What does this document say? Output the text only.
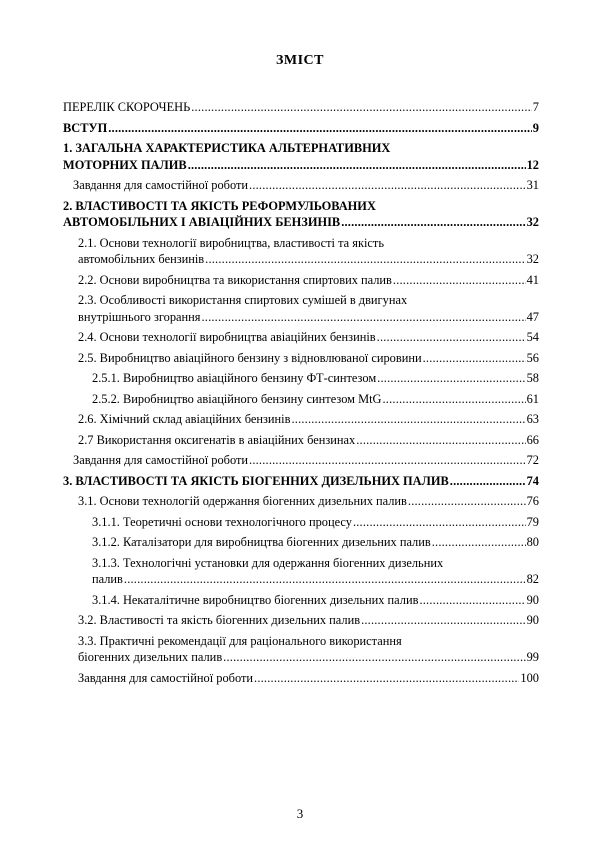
ЗМІСТ
ПЕРЕЛІК СКОРОЧЕНЬ .....	7
ВСТУП .....	9
1. ЗАГАЛЬНА ХАРАКТЕРИСТИКА АЛЬТЕРНАТИВНИХ
МОТОРНИХ ПАЛИВ .....	12
Завдання для самостійної роботи .....	31
2. ВЛАСТИВОСТІ ТА ЯКІСТЬ РЕФОРМУЛЬОВАНИХ
АВТОМОБІЛЬНИХ І АВІАЦІЙНИХ БЕНЗИНІВ .....	32
2.1. Основи технології виробництва, властивості та якість
автомобільних бензинів .....	32
2.2. Основи виробництва та використання спиртових палив .....	41
2.3. Особливості використання спиртових сумішей в двигунах
внутрішнього згорання .....	47
2.4. Основи технології виробництва авіаційних бензинів .....	54
2.5. Виробництво авіаційного бензину з відновлюваної сировини .....	56
2.5.1. Виробництво авіаційного бензину ФТ-синтезом .....	58
2.5.2. Виробництво авіаційного бензину синтезом MtG .....	61
2.6. Хімічний склад авіаційних бензинів .....	63
2.7 Використання оксигенатів в авіаційних бензинах .....	66
Завдання для самостійної роботи .....	72
3. ВЛАСТИВОСТІ ТА ЯКІСТЬ БІОГЕННИХ ДИЗЕЛЬНИХ ПАЛИВ .....	74
3.1. Основи технологій одержання біогенних дизельних палив .....	76
3.1.1. Теоретичні основи технологічного процесу .....	79
3.1.2. Каталізатори для виробництва біогенних дизельних палив .....	80
3.1.3. Технологічні установки для одержання біогенних дизельних
палив .....	82
3.1.4. Некаталітичне виробництво біогенних дизельних палив .....	90
3.2. Властивості та якість біогенних дизельних палив .....	90
3.3. Практичні рекомендації для раціонального використання
біогенних дизельних палив .....	99
Завдання для самостійної роботи .....	100
3
